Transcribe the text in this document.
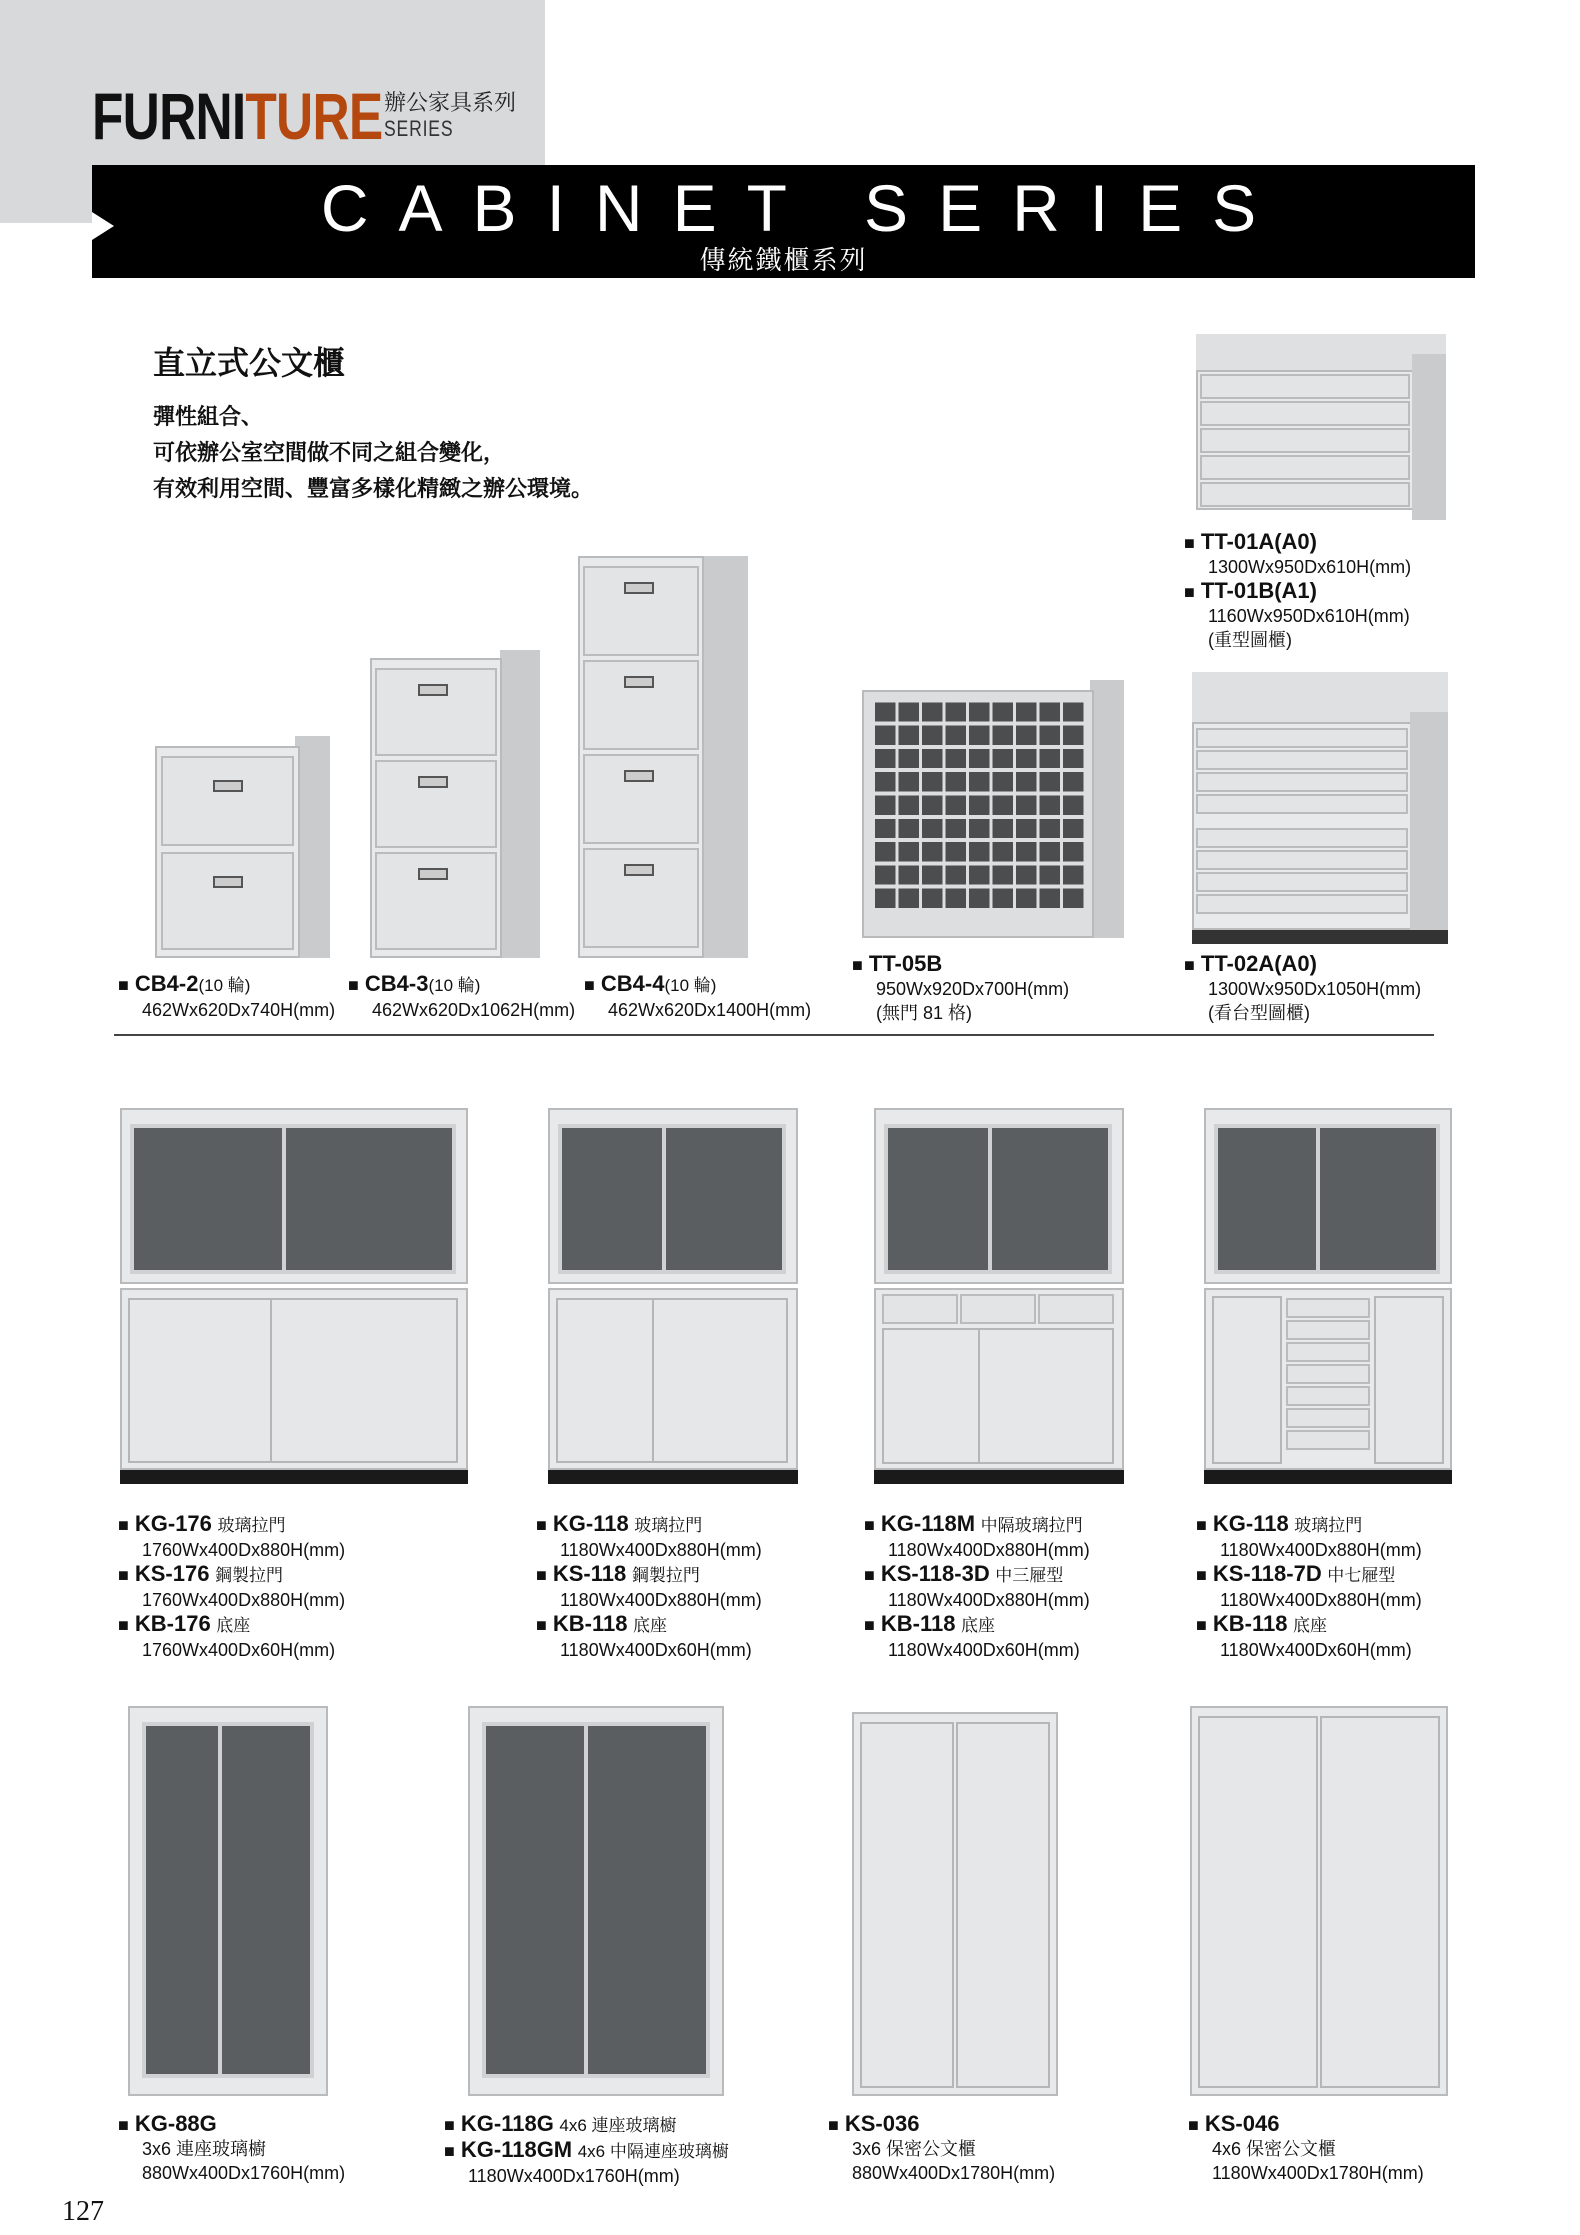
FURNITURE 辦公家具系列
SERIES
CABINET SERIES
傳統鐵櫃系列
直立式公文櫃
彈性組合、
可依辦公室空間做不同之組合變化，
有效利用空間、豐富多樣化精緻之辦公環境。
■ CB4-2(10 輪)
462Wx620Dx740H(mm)
■ CB4-3(10 輪)
462Wx620Dx1062H(mm)
■ CB4-4(10 輪)
462Wx620Dx1400H(mm)
■ TT-05B
950Wx920Dx700H(mm)
(無門 81 格)
■ TT-01A(A0)
1300Wx950Dx610H(mm)
■ TT-01B(A1)
1160Wx950Dx610H(mm)
(重型圖櫃)
■ TT-02A(A0)
1300Wx950Dx1050H(mm)
(看台型圖櫃)
■ KG-176 玻璃拉門
1760Wx400Dx880H(mm)
■ KS-176 鋼製拉門
1760Wx400Dx880H(mm)
■ KB-176 底座
1760Wx400Dx60H(mm)
■ KG-118 玻璃拉門
1180Wx400Dx880H(mm)
■ KS-118 鋼製拉門
1180Wx400Dx880H(mm)
■ KB-118 底座
1180Wx400Dx60H(mm)
■ KG-118M 中隔玻璃拉門
1180Wx400Dx880H(mm)
■ KS-118-3D 中三屜型
1180Wx400Dx880H(mm)
■ KB-118 底座
1180Wx400Dx60H(mm)
■ KG-118 玻璃拉門
1180Wx400Dx880H(mm)
■ KS-118-7D 中七屜型
1180Wx400Dx880H(mm)
■ KB-118 底座
1180Wx400Dx60H(mm)
■ KG-88G
3x6 連座玻璃櫥
880Wx400Dx1760H(mm)
■ KG-118G 4x6 連座玻璃櫥
■ KG-118GM 4x6 中隔連座玻璃櫥
1180Wx400Dx1760H(mm)
■ KS-036
3x6 保密公文櫃
880Wx400Dx1780H(mm)
■ KS-046
4x6 保密公文櫃
1180Wx400Dx1780H(mm)
127
